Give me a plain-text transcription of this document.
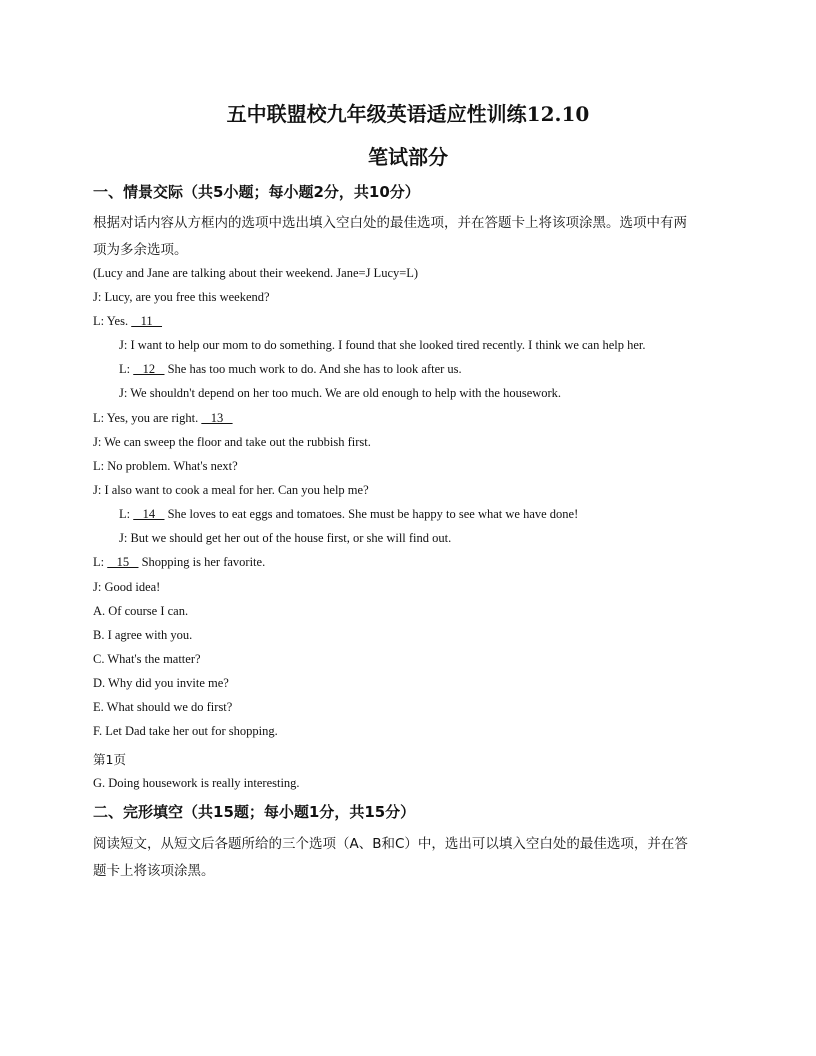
五中联盟校九年级英语适应性训练12.10
笔试部分
一、情景交际（共5小题；每小题2分，共10分）
根据对话内容从方框内的选项中选出填入空白处的最佳选项，并在答题卡上将该项涂黑。选项中有两
项为多余选项。
(Lucy and Jane are talking about their weekend. Jane=J Lucy=L)
J: Lucy, are you free this weekend?
L: Yes.    11
J: I want to help our mom to do something. I found that she looked tired recently. I think we can help her.
L:    12    She has too much work to do. And she has to look after us.
J: We shouldn't depend on her too much. We are old enough to help with the housework.
L: Yes, you are right.    13
J: We can sweep the floor and take out the rubbish first.
L: No problem. What's next?
J: I also want to cook a meal for her. Can you help me?
L:    14    She loves to eat eggs and tomatoes. She must be happy to see what we have done!
J: But we should get her out of the house first, or she will find out.
L:    15    Shopping is her favorite.
J: Good idea!
A. Of course I can.
B. I agree with you.
C. What's the matter?
D. Why did you invite me?
E. What should we do first?
F. Let Dad take her out for shopping.
第1页
G. Doing housework is really interesting.
二、完形填空（共15题；每小题1分，共15分）
阅读短文，从短文后各题所给的三个选项（A、B和C）中，选出可以填入空白处的最佳选项，并在答
题卡上将该项涂黑。
